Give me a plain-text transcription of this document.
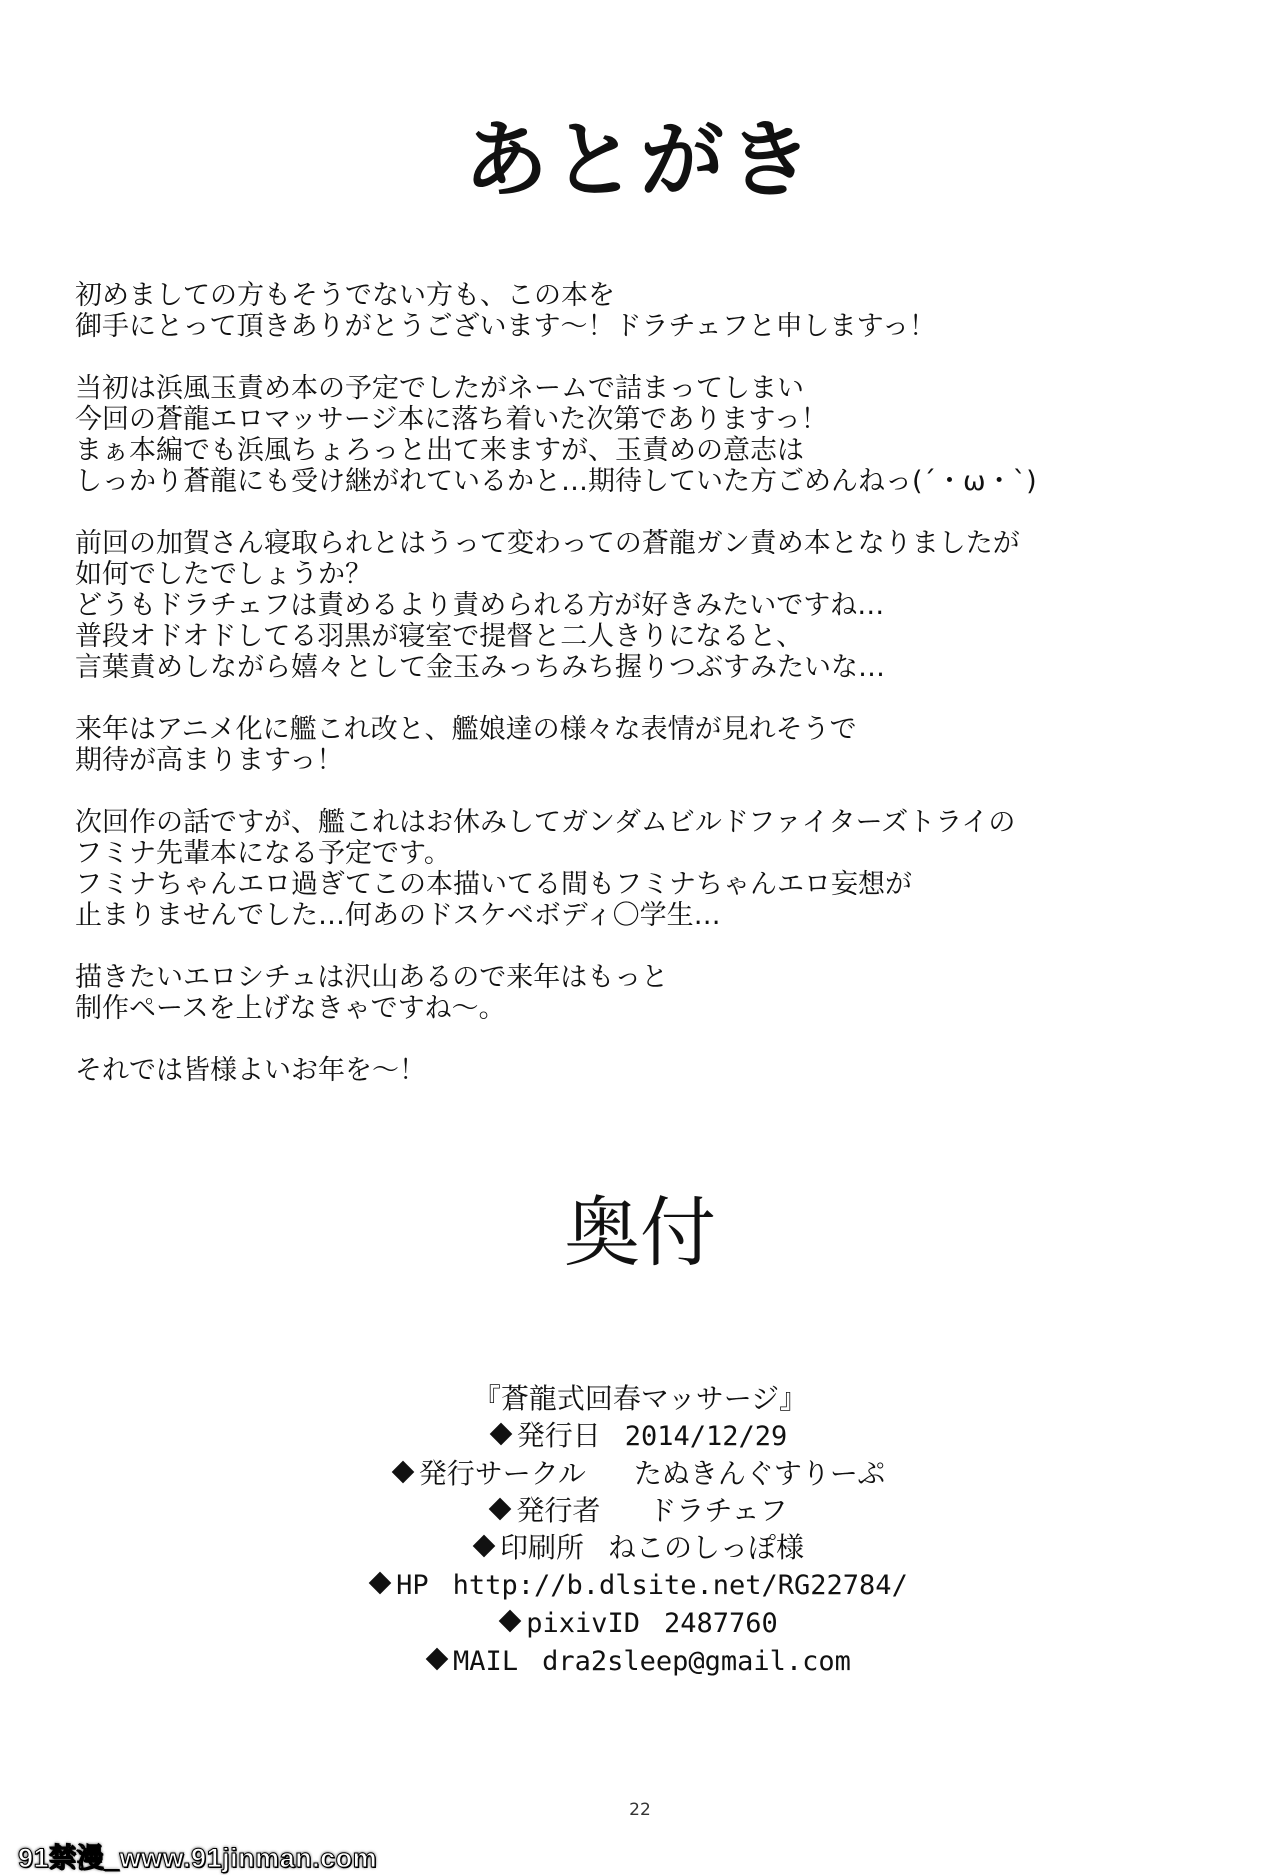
あとがき
初めましての方もそうでない方も、この本を
御手にとって頂きありがとうございます～！ドラチェフと申しますっ！
当初は浜風玉責め本の予定でしたがネームで詰まってしまい
今回の蒼龍エロマッサージ本に落ち着いた次第でありますっ！
まぁ本編でも浜風ちょろっと出て来ますが、玉責めの意志は
しっかり蒼龍にも受け継がれているかと…期待していた方ごめんねっ(´・ω・`)
前回の加賀さん寝取られとはうって変わっての蒼龍ガン責め本となりましたが
如何でしたでしょうか？
どうもドラチェフは責めるより責められる方が好きみたいですね…
普段オドオドしてる羽黒が寝室で提督と二人きりになると、
言葉責めしながら嬉々として金玉みっちみち握りつぶすみたいな…
来年はアニメ化に艦これ改と、艦娘達の様々な表情が見れそうで
期待が高まりますっ！
次回作の話ですが、艦これはお休みしてガンダムビルドファイターズトライの
フミナ先輩本になる予定です。
フミナちゃんエロ過ぎてこの本描いてる間もフミナちゃんエロ妄想が
止まりませんでした…何あのドスケベボディ〇学生…
描きたいエロシチュは沢山あるので来年はもっと
制作ペースを上げなきゃですね～。
それでは皆様よいお年を～！
奥付
『蒼龍式回春マッサージ』
発行日 2014/12/29
発行サークル たぬきんぐすりーぷ
発行者 ドラチェフ
印刷所 ねこのしっぽ様
HP http://b.dlsite.net/RG22784/
pixivID 2487760
MAIL dra2sleep@gmail.com
22
91禁漫_www.91jinman.com
